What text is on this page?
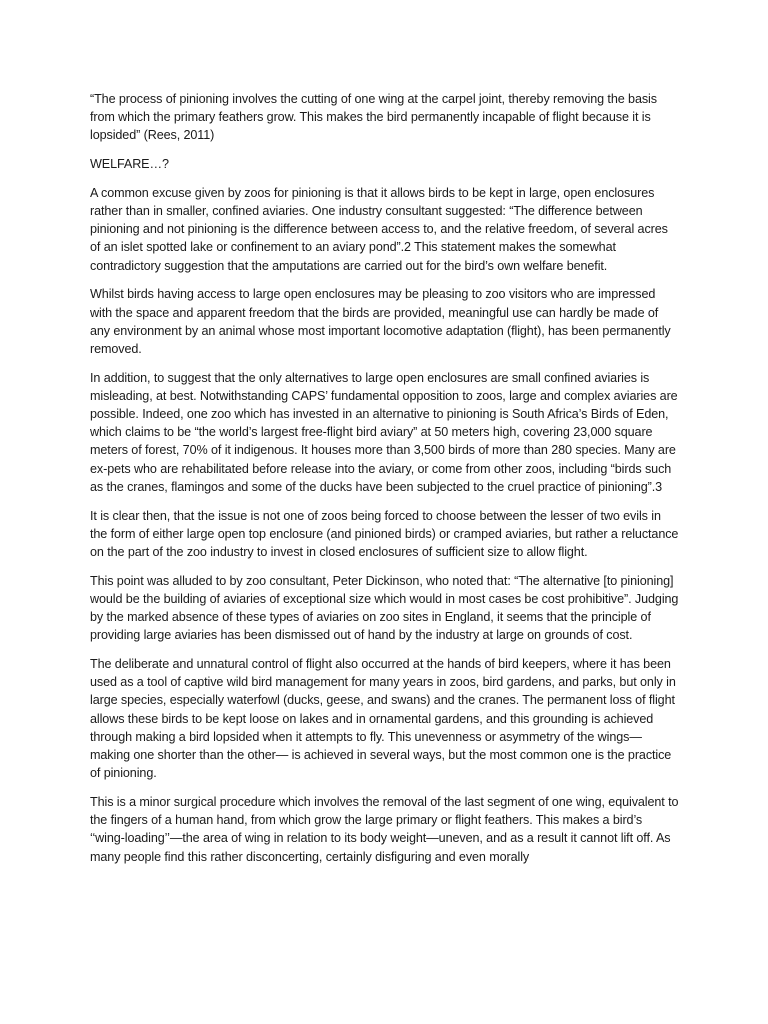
“The process of pinioning involves the cutting of one wing at the carpel joint, thereby removing the basis from which the primary feathers grow. This makes the bird permanently incapable of flight because it is lopsided” (Rees, 2011)

WELFARE…?

A common excuse given by zoos for pinioning is that it allows birds to be kept in large, open enclosures rather than in smaller, confined aviaries. One industry consultant suggested: “The difference between pinioning and not pinioning is the difference between access to, and the relative freedom, of several acres of an islet spotted lake or confinement to an aviary pond”.2 This statement makes the somewhat contradictory suggestion that the amputations are carried out for the bird’s own welfare benefit.

Whilst birds having access to large open enclosures may be pleasing to zoo visitors who are impressed with the space and apparent freedom that the birds are provided, meaningful use can hardly be made of any environment by an animal whose most important locomotive adaptation (flight), has been permanently removed.

In addition, to suggest that the only alternatives to large open enclosures are small confined aviaries is misleading, at best. Notwithstanding CAPS’ fundamental opposition to zoos, large and complex aviaries are possible. Indeed, one zoo which has invested in an alternative to pinioning is South Africa’s Birds of Eden, which claims to be “the world’s largest free-flight bird aviary” at 50 meters high, covering 23,000 square meters of forest, 70% of it indigenous. It houses more than 3,500 birds of more than 280 species. Many are ex-pets who are rehabilitated before release into the aviary, or come from other zoos, including “birds such as the cranes, flamingos and some of the ducks have been subjected to the cruel practice of pinioning”.3

It is clear then, that the issue is not one of zoos being forced to choose between the lesser of two evils in the form of either large open top enclosure (and pinioned birds) or cramped aviaries, but rather a reluctance on the part of the zoo industry to invest in closed enclosures of sufficient size to allow flight.

This point was alluded to by zoo consultant, Peter Dickinson, who noted that: “The alternative [to pinioning] would be the building of aviaries of exceptional size which would in most cases be cost prohibitive”. Judging by the marked absence of these types of aviaries on zoo sites in England, it seems that the principle of providing large aviaries has been dismissed out of hand by the industry at large on grounds of cost.

The deliberate and unnatural control of flight also occurred at the hands of bird keepers, where it has been used as a tool of captive wild bird management for many years in zoos, bird gardens, and parks, but only in large species, especially waterfowl (ducks, geese, and swans) and the cranes. The permanent loss of flight allows these birds to be kept loose on lakes and in ornamental gardens, and this grounding is achieved through making a bird lopsided when it attempts to fly. This unevenness or asymmetry of the wings—making one shorter than the other— is achieved in several ways, but the most common one is the practice of pinioning.

This is a minor surgical procedure which involves the removal of the last segment of one wing, equivalent to the fingers of a human hand, from which grow the large primary or flight feathers. This makes a bird’s ‘‘wing-loading’’—the area of wing in relation to its body weight—uneven, and as a result it cannot lift off. As many people find this rather disconcerting, certainly disfiguring and even morally
